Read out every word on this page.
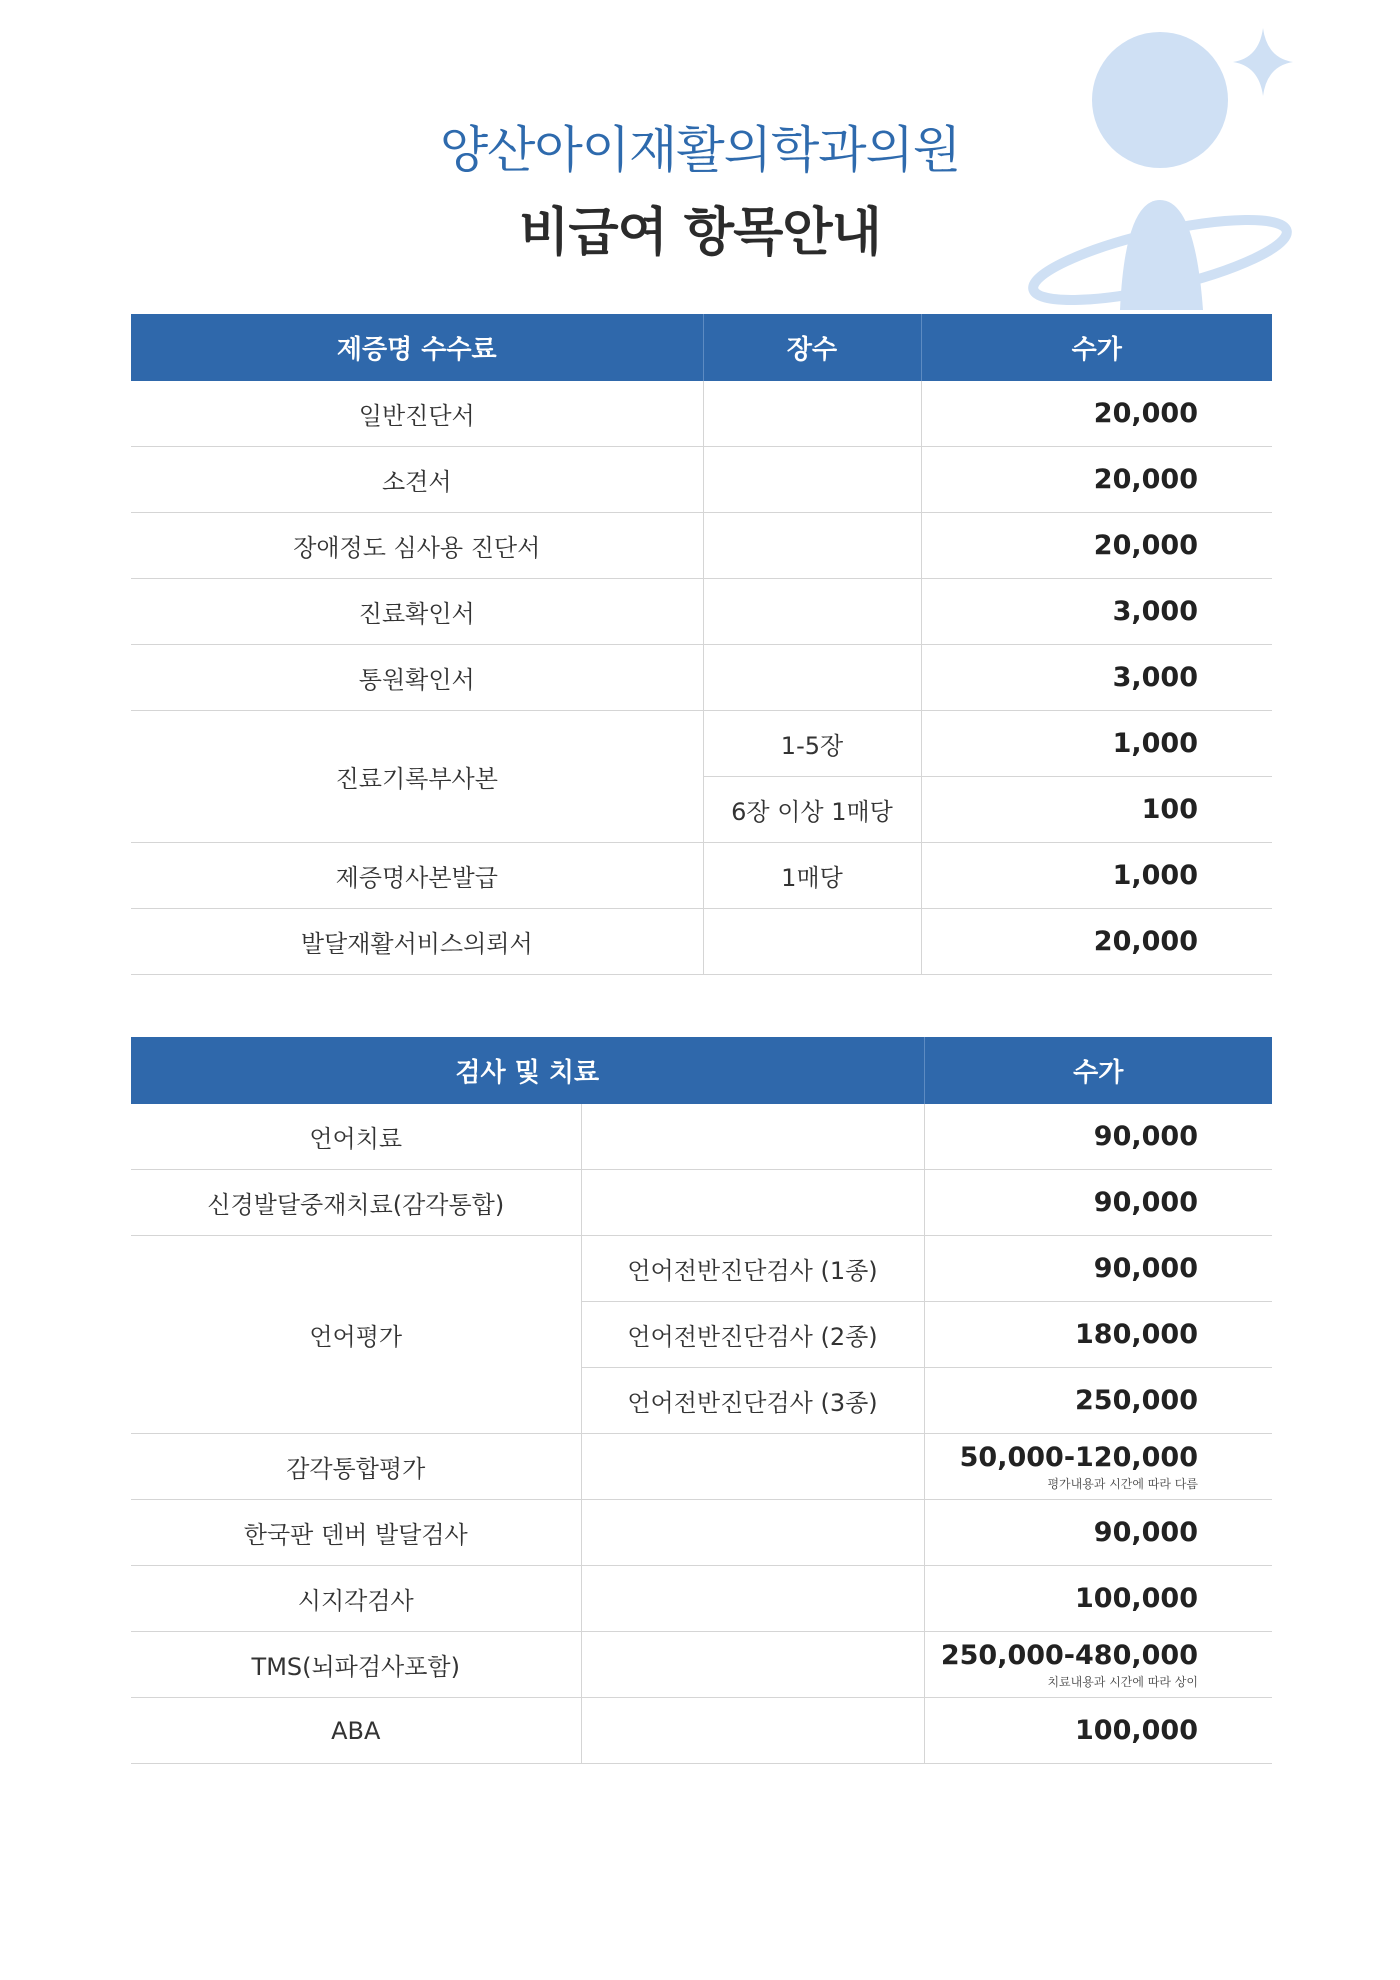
양산아이재활의학과의원
비급여 항목안내
제증명 수수료	장수	수가
일반진단서		20,000
소견서		20,000
장애정도 심사용 진단서		20,000
진료확인서		3,000
통원확인서		3,000
진료기록부사본	1-5장	1,000
	6장 이상 1매당	100
제증명사본발급	1매당	1,000
발달재활서비스의뢰서		20,000
검사 및 치료		수가
언어치료		90,000
신경발달중재치료(감각통합)		90,000
언어평가	언어전반진단검사 (1종)	90,000
	언어전반진단검사 (2종)	180,000
	언어전반진단검사 (3종)	250,000
감각통합평가		50,000-120,000
평가내용과 시간에 따라 다름

한국판 덴버 발달검사		90,000
시지각검사		100,000
TMS(뇌파검사포함)		250,000-480,000
치료내용과 시간에 따라 상이

ABA		100,000
